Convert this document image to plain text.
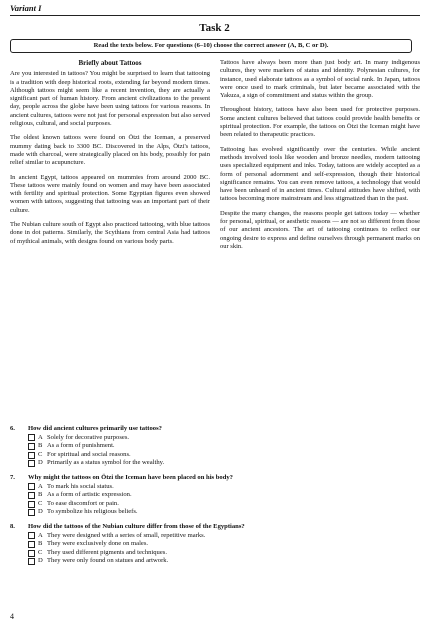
Variant I
Task 2
Read the texts below. For questions (6–10) choose the correct answer (A, B, C or D).
Briefly about Tattoos

Are you interested in tattoos? You might be surprised to learn that tattooing is a tradition with deep historical roots, extending far beyond modern times. Although tattoos might seem like a recent invention, they are actually a significant part of human history. From ancient civilizations to the present day, people across the globe have been using tattoos for various reasons. In ancient cultures, tattoos were not just for personal expression but also served religious, cultural, and social purposes.

The oldest known tattoos were found on Ötzi the Iceman, a preserved mummy dating back to 3300 BC. Discovered in the Alps, Ötzi's tattoos, made with charcoal, were strategically placed on his body, possibly for pain relief similar to acupuncture.

In ancient Egypt, tattoos appeared on mummies from around 2000 BC. These tattoos were mainly found on women and may have been associated with fertility and spiritual protection. Some Egyptian figures even showed women with tattoos, suggesting that tattooing was an important part of their culture.

The Nubian culture south of Egypt also practiced tattooing, with blue tattoos done in dot patterns. Similarly, the Scythians from central Asia had tattoos of mythical animals, with designs found on various body parts.

Tattoos have always been more than just body art. In many indigenous cultures, they were markers of status and identity. Polynesian cultures, for instance, used elaborate tattoos as a symbol of social rank. In Japan, tattoos were once used to mark criminals, but later became associated with the Yakuza, a sign of commitment and status within the group.

Throughout history, tattoos have also been used for protective purposes. Some ancient cultures believed that tattoos could provide health benefits or spiritual protection. For example, the tattoos on Ötzi the Iceman might have been related to therapeutic practices.

Tattooing has evolved significantly over the centuries. While ancient methods involved tools like wooden and bronze needles, modern tattooing uses specialized equipment and inks. Today, tattoos are widely accepted as a form of personal adornment and self-expression, though their historical significance remains. You can even remove tattoos, a technology that would have been unheard of in ancient times. Cultural attitudes have shifted, with tattoos becoming more mainstream and less stigmatized than in the past.

Despite the many changes, the reasons people get tattoos today — whether for personal, spiritual, or aesthetic reasons — are not so different from those of our ancient ancestors. The art of tattooing continues to reflect our ongoing desire to express and define ourselves through permanent marks on our skin.

6.	How did ancient cultures primarily use tattoos?
A Solely for decorative purposes.
B As a form of punishment.
C For spiritual and social reasons.
D Primarily as a status symbol for the wealthy.
7.	Why might the tattoos on Ötzi the Iceman have been placed on his body?
A To mark his social status.
B As a form of artistic expression.
C To ease discomfort or pain.
D To symbolize his religious beliefs.
8.	How did the tattoos of the Nubian culture differ from those of the Egyptians?
A They were designed with a series of small, repetitive marks.
B They were exclusively done on males.
C They used different pigments and techniques.
D They were only found on statues and artwork.
4
